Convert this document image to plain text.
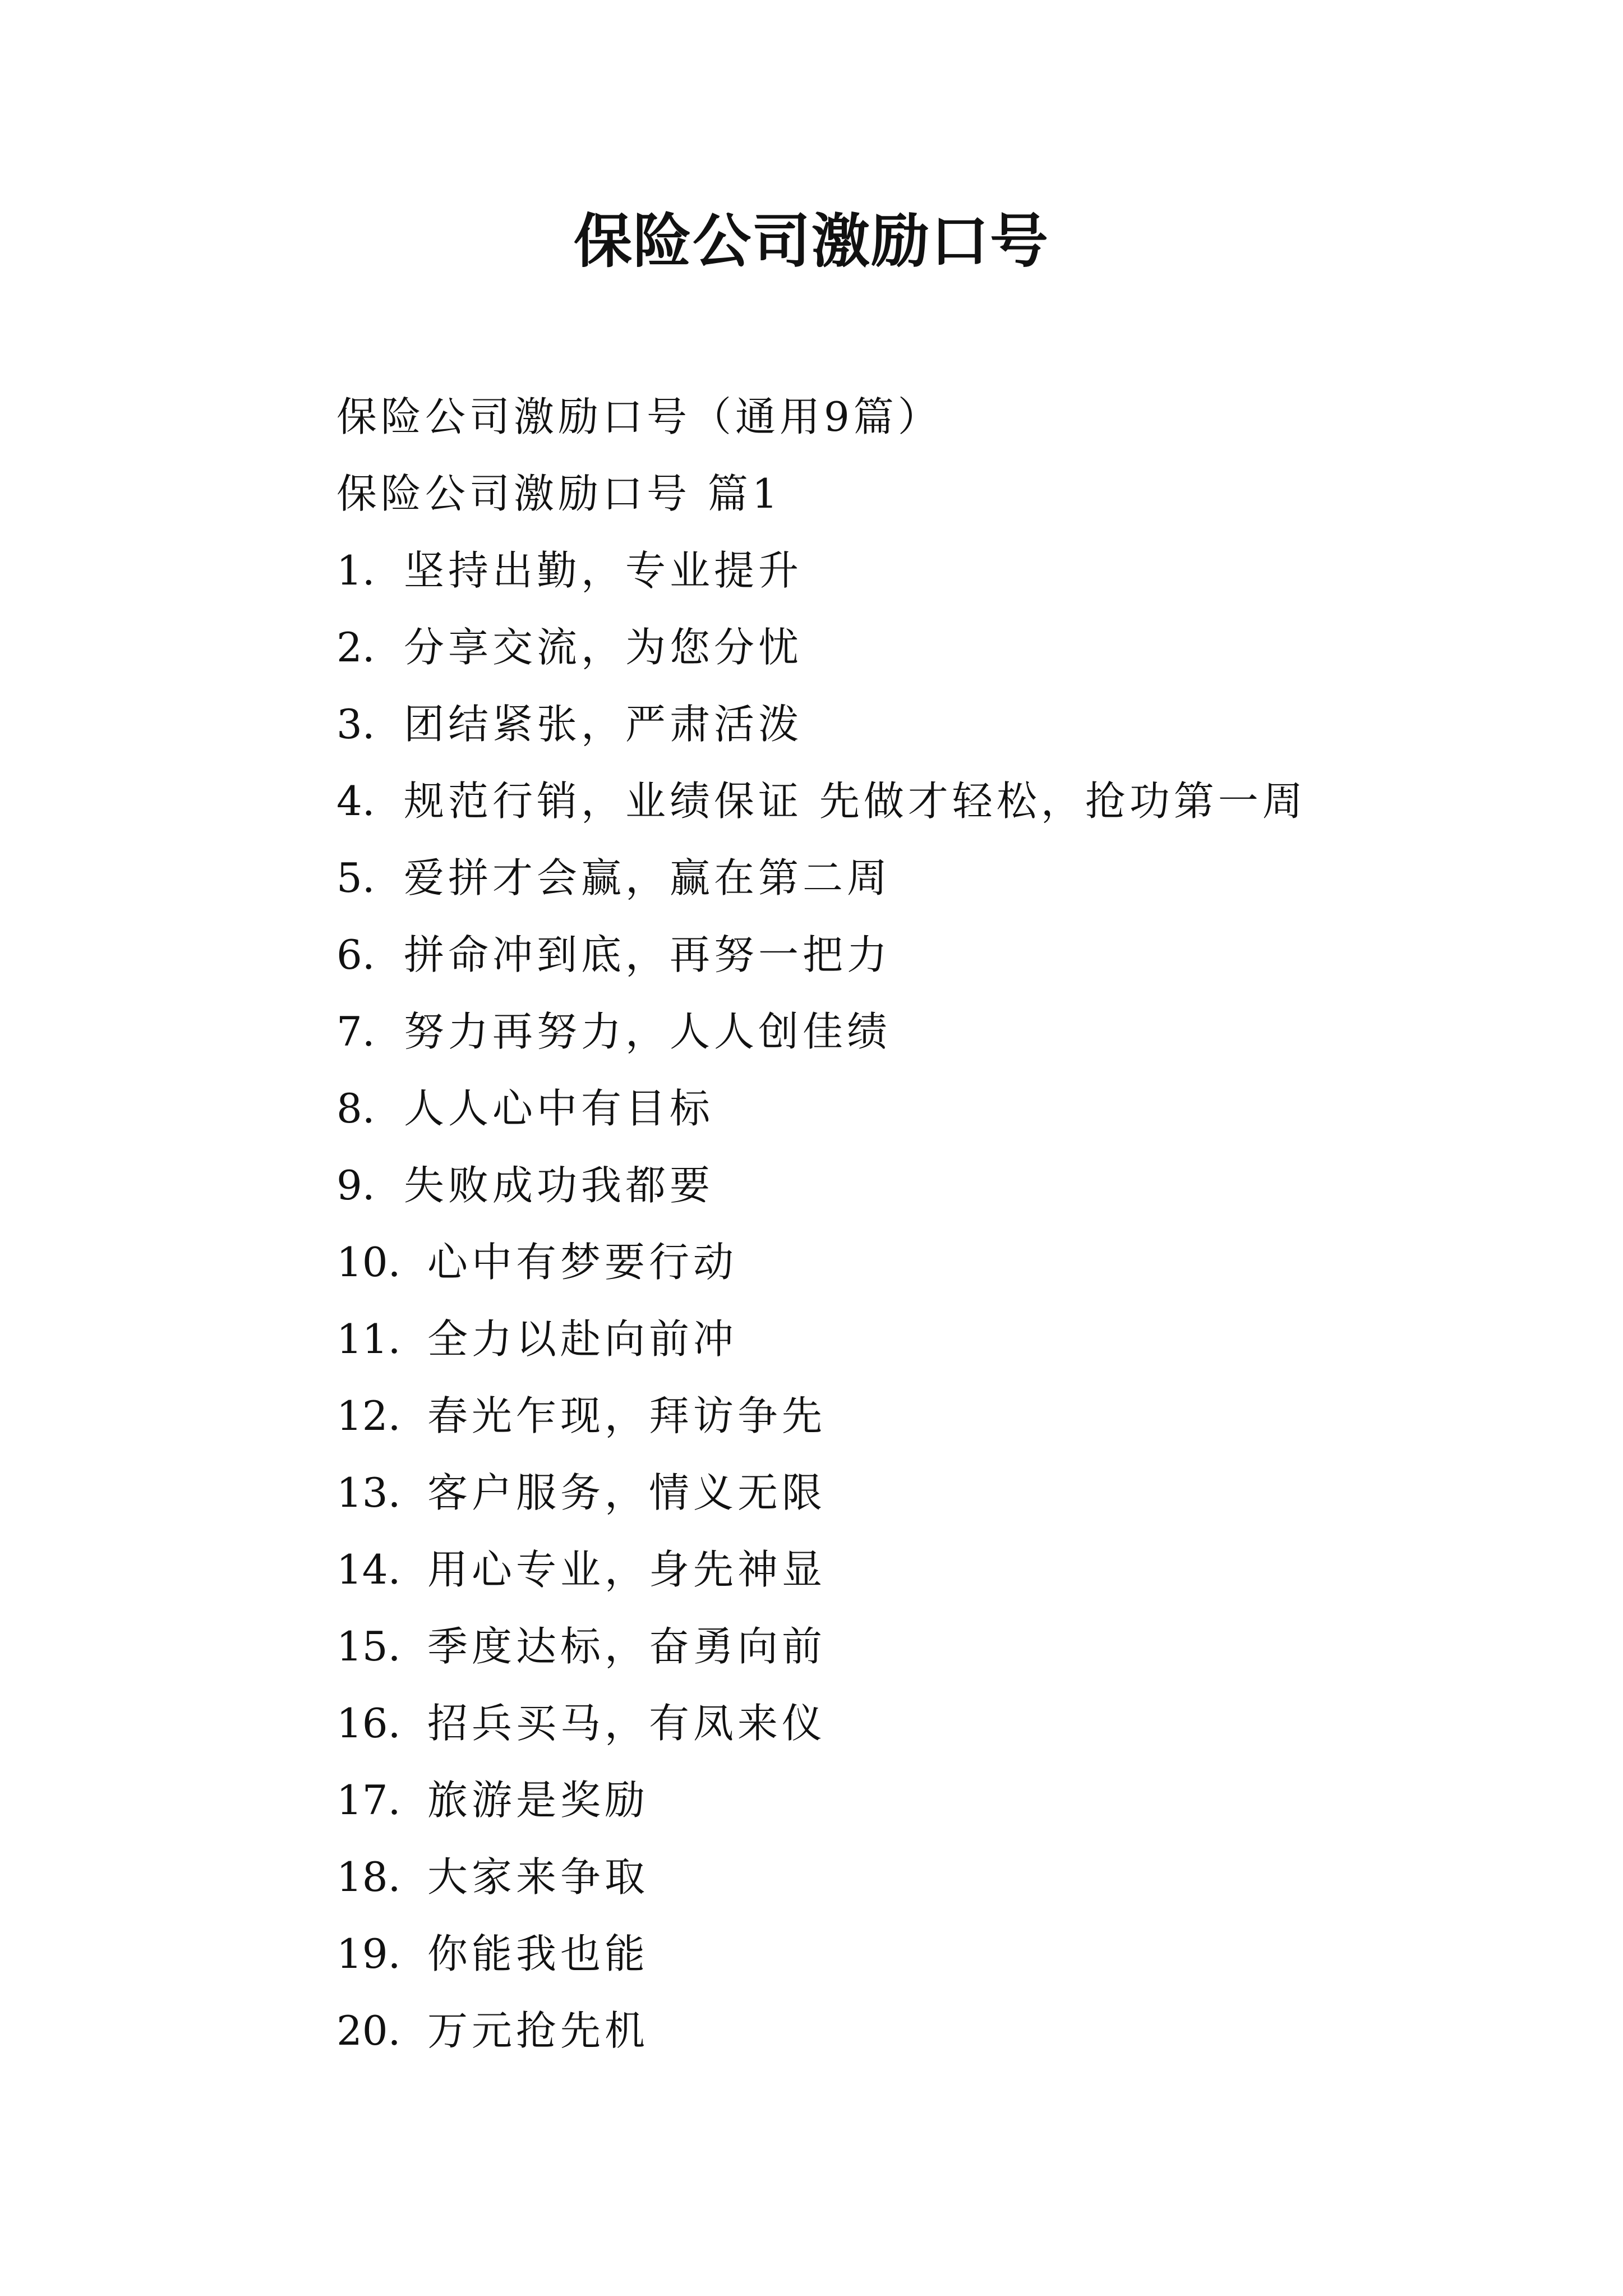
保险公司激励口号
保险公司激励口号（通用9篇）
保险公司激励口号 篇1
1. 坚持出勤，专业提升
2. 分享交流，为您分忧
3. 团结紧张，严肃活泼
4. 规范行销，业绩保证 先做才轻松，抢功第一周
5. 爱拼才会赢，赢在第二周
6. 拼命冲到底，再努一把力
7. 努力再努力，人人创佳绩
8. 人人心中有目标
9. 失败成功我都要
10. 心中有梦要行动
11. 全力以赴向前冲
12. 春光乍现，拜访争先
13. 客户服务，情义无限
14. 用心专业，身先神显
15. 季度达标，奋勇向前
16. 招兵买马，有凤来仪
17. 旅游是奖励
18. 大家来争取
19. 你能我也能
20. 万元抢先机
